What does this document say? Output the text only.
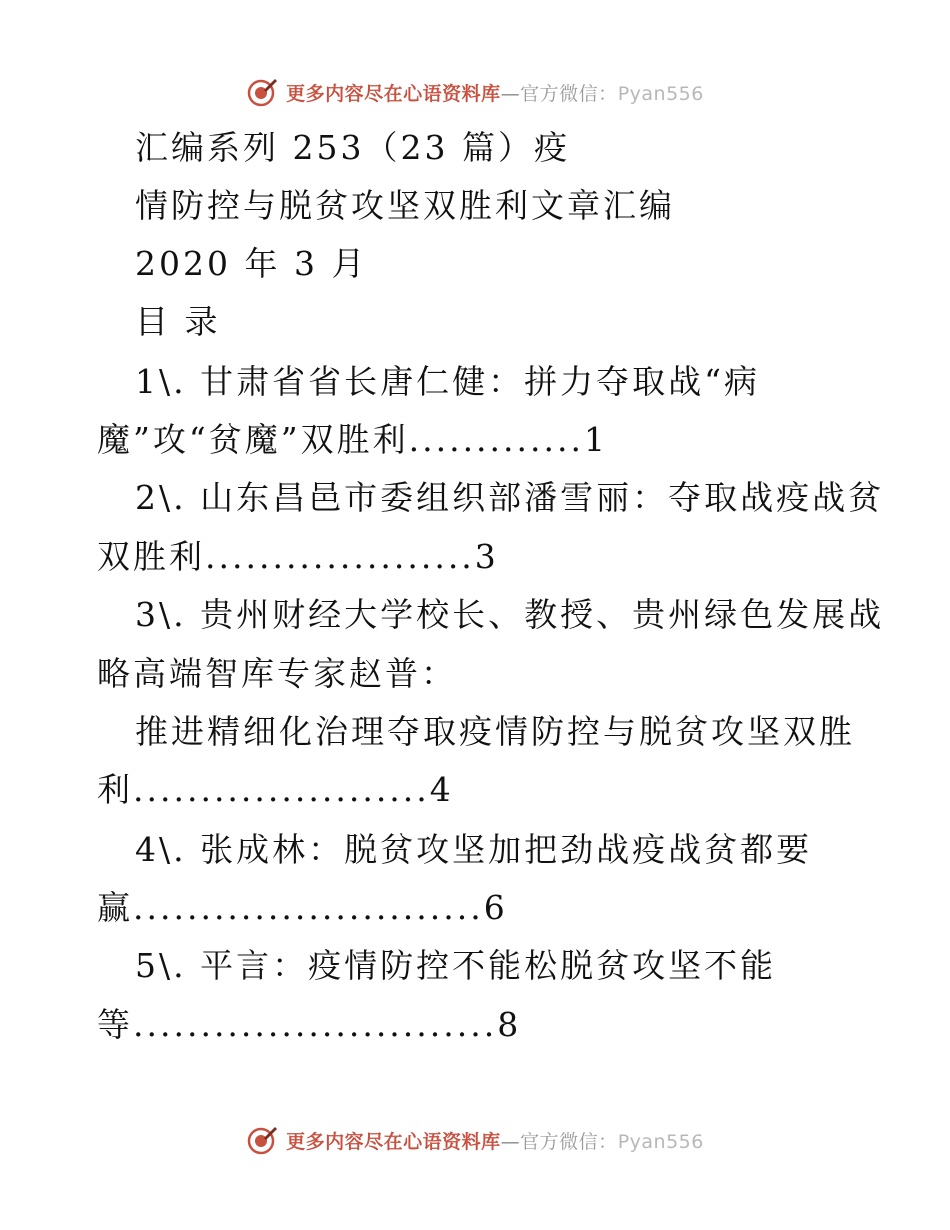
更多内容尽在心语资料库—官方微信：Pyan556
汇编系列 253（23 篇）疫
情防控与脱贫攻坚双胜利文章汇编
2020 年 3 月
目 录
1\. 甘肃省省长唐仁健：拼力夺取战“病
魔”攻“贫魔”双胜利.............1
2\. 山东昌邑市委组织部潘雪丽：夺取战疫战贫
双胜利....................3
3\. 贵州财经大学校长、教授、贵州绿色发展战
略高端智库专家赵普：
推进精细化治理夺取疫情防控与脱贫攻坚双胜
利......................4
4\. 张成林：脱贫攻坚加把劲战疫战贫都要
赢..........................6
5\. 平言：疫情防控不能松脱贫攻坚不能
等...........................8
更多内容尽在心语资料库—官方微信：Pyan556
